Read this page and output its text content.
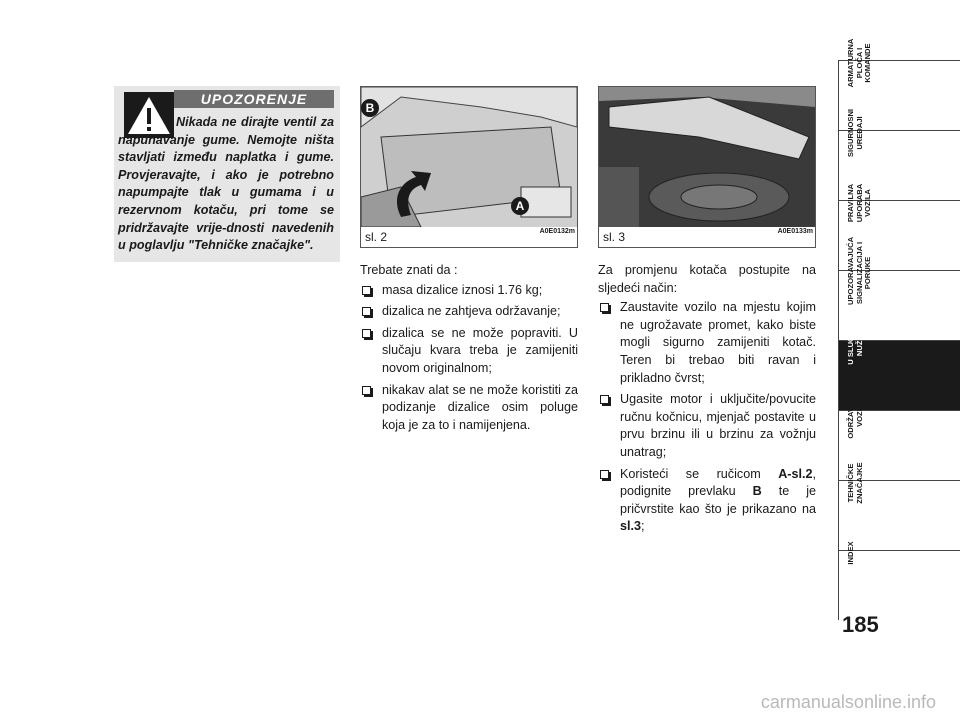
UPOZORENJE

Nikada ne dirajte ventil za napuhavanje gume. Nemojte ništa stavljati između naplatka i gume. Provjeravajte, i ako je potrebno napumpajte tlak u gumama i u rezervnom kotaču, pri tome se pridržavajte vrije-dnosti navedenih u poglavlju "Tehničke značajke".

B
A
sl. 2	A0E0132m sl. 3	A0E0133m

Trebate znati da :

masa dizalice iznosi 1.76 kg;
dizalica ne zahtjeva održavanje;
dizalica se ne može popraviti. U slučaju kvara treba je zamijeniti novom originalnom;
nikakav alat se ne može koristiti za podizanje dizalice osim poluge koja je za to i namijenjena.

Za promjenu kotača postupite na sljedeći način:

Zaustavite vozilo na mjestu kojim ne ugrožavate promet, kako biste mogli sigurno zamijeniti kotač. Teren bi trebao biti ravan i prikladno čvrst;
Ugasite motor i uključite/povucite ručnu kočnicu, mjenjač postavite u prvu brzinu ili u brzinu za vožnju unatrag;
Koristeći se ručicom A-sl.2, podignite prevlaku B te je pričvrstite kao što je prikazano na sl.3;
ARMATURNA
PLOČA I
KOMANDE
SIGURNOSNI
UREĐAJI
PRAVILNA
UPORABA
VOZILA
UPOZORAVAJUĆA
SIGNALIZACIJA I
PORUKE
U SLUČAJU
NUŽDE
ODRŽAVANJE
VOZILA
TEHNIČKE
ZNAČAJKE
INDEX
185
carmanualsonline.info
